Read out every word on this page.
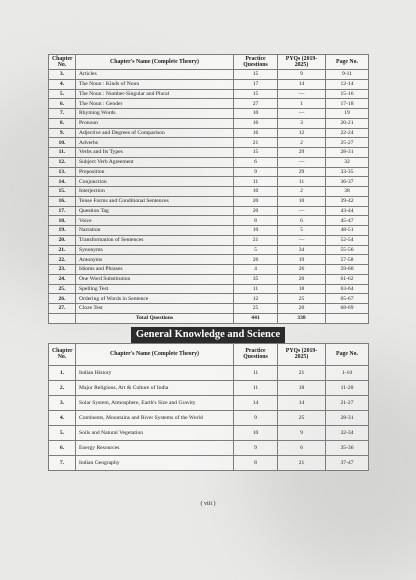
Chapter No.	Chapter's Name (Complete Theory)	Practice Questions	PYQs (2019-2025)	Page No.
3.	Articles	15	9	9-11
4.	The Noun : Kinds of Noun	17	14	12-14
5.	The Noun : Number-Singular and Plural	15	—	15-16
6.	The Noun : Gender	27	1	17-18
7.	Rhyming Words	10	—	19
8.	Pronoun	16	3	20-21
9.	Adjective and Degrees of Comparison	16	12	22-24
10.	Adverbs	21	2	25-27
11.	Verbs and Its Types	15	29	28-31
12.	Subject Verb Agreement	6	—	32
13.	Preposition	9	29	33-35
14.	Conjunction	11	11	36-37
15.	Interjection	10	2	38
16.	Tense Forms and Conditional Sentences	20	10	39-42
17.	Question Tag	20	—	43-44
18.	Voice	8	6	45-47
19.	Narration	10	5	48-51
20.	Transformation of Sentences	21	—	52-54
21.	Synonyms	5	34	55-56
22.	Antonyms	26	19	57-58
23.	Idioms and Phrases	4	26	59-60
24.	One Word Substitution	35	20	61-62
25.	Spelling Test	11	18	63-64
26.	Ordering of Words in Sentence	12	25	65-67
27.	Cloze Test	25	20	68-69
	Total Questions	441	338	
General Knowledge and Science
Chapter No.	Chapter's Name (Complete Theory)	Practice Questions	PYQs (2019-2025)	Page No.
1.	Indian History	11	21	1-10
2.	Major Religions, Art & Culture of India	11	18	11-20
3.	Solar System, Atmosphere, Earth's Size and Gravity	14	14	21-27
4.	Continents, Mountains and River Systems of the World	9	25	28-31
5.	Soils and Natural Vegetation	10	9	32-34
6.	Energy Resources	9	6	35-36
7.	Indian Geography	8	21	37-47
( viii )
